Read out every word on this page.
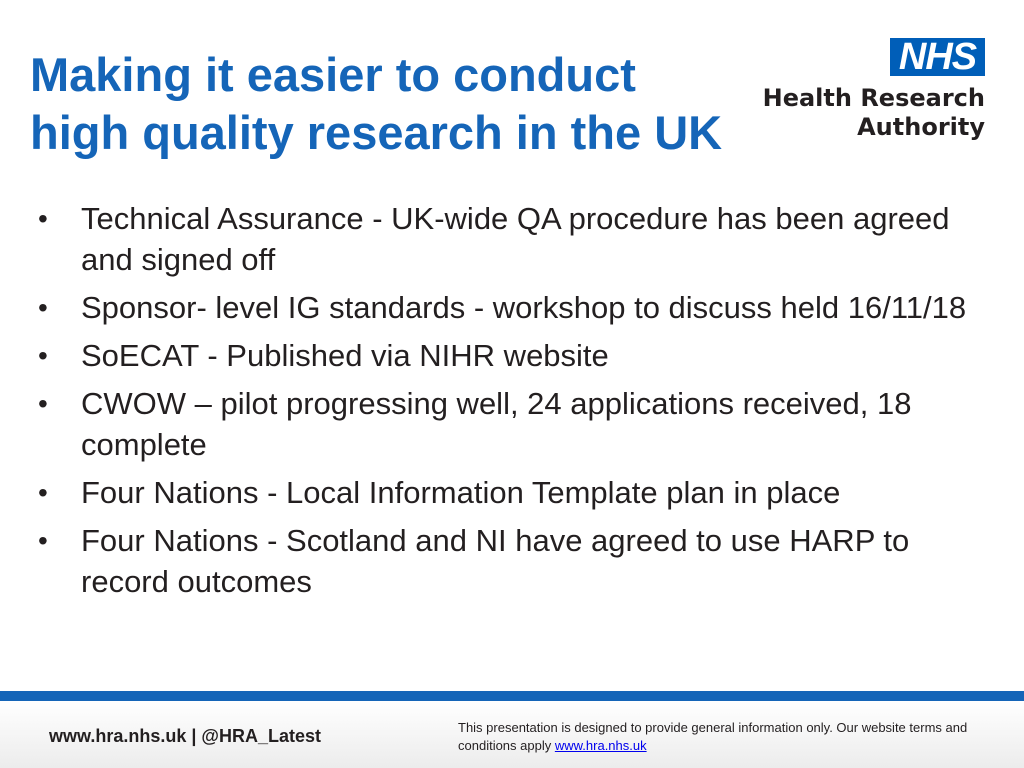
Making it easier to conduct
high quality research in the UK
NHS
Health Research
Authority
• Technical Assurance - UK-wide QA procedure has been agreed and signed off
• Sponsor- level IG standards - workshop to discuss held 16/11/18
• SoECAT - Published via NIHR website
• CWOW – pilot progressing well, 24 applications received, 18 complete
• Four Nations - Local Information Template plan in place
• Four Nations - Scotland and NI have agreed to use HARP to record outcomes
www.hra.nhs.uk | @HRA_Latest	This presentation is designed to provide general information only. Our website terms and conditions apply www.hra.nhs.uk
